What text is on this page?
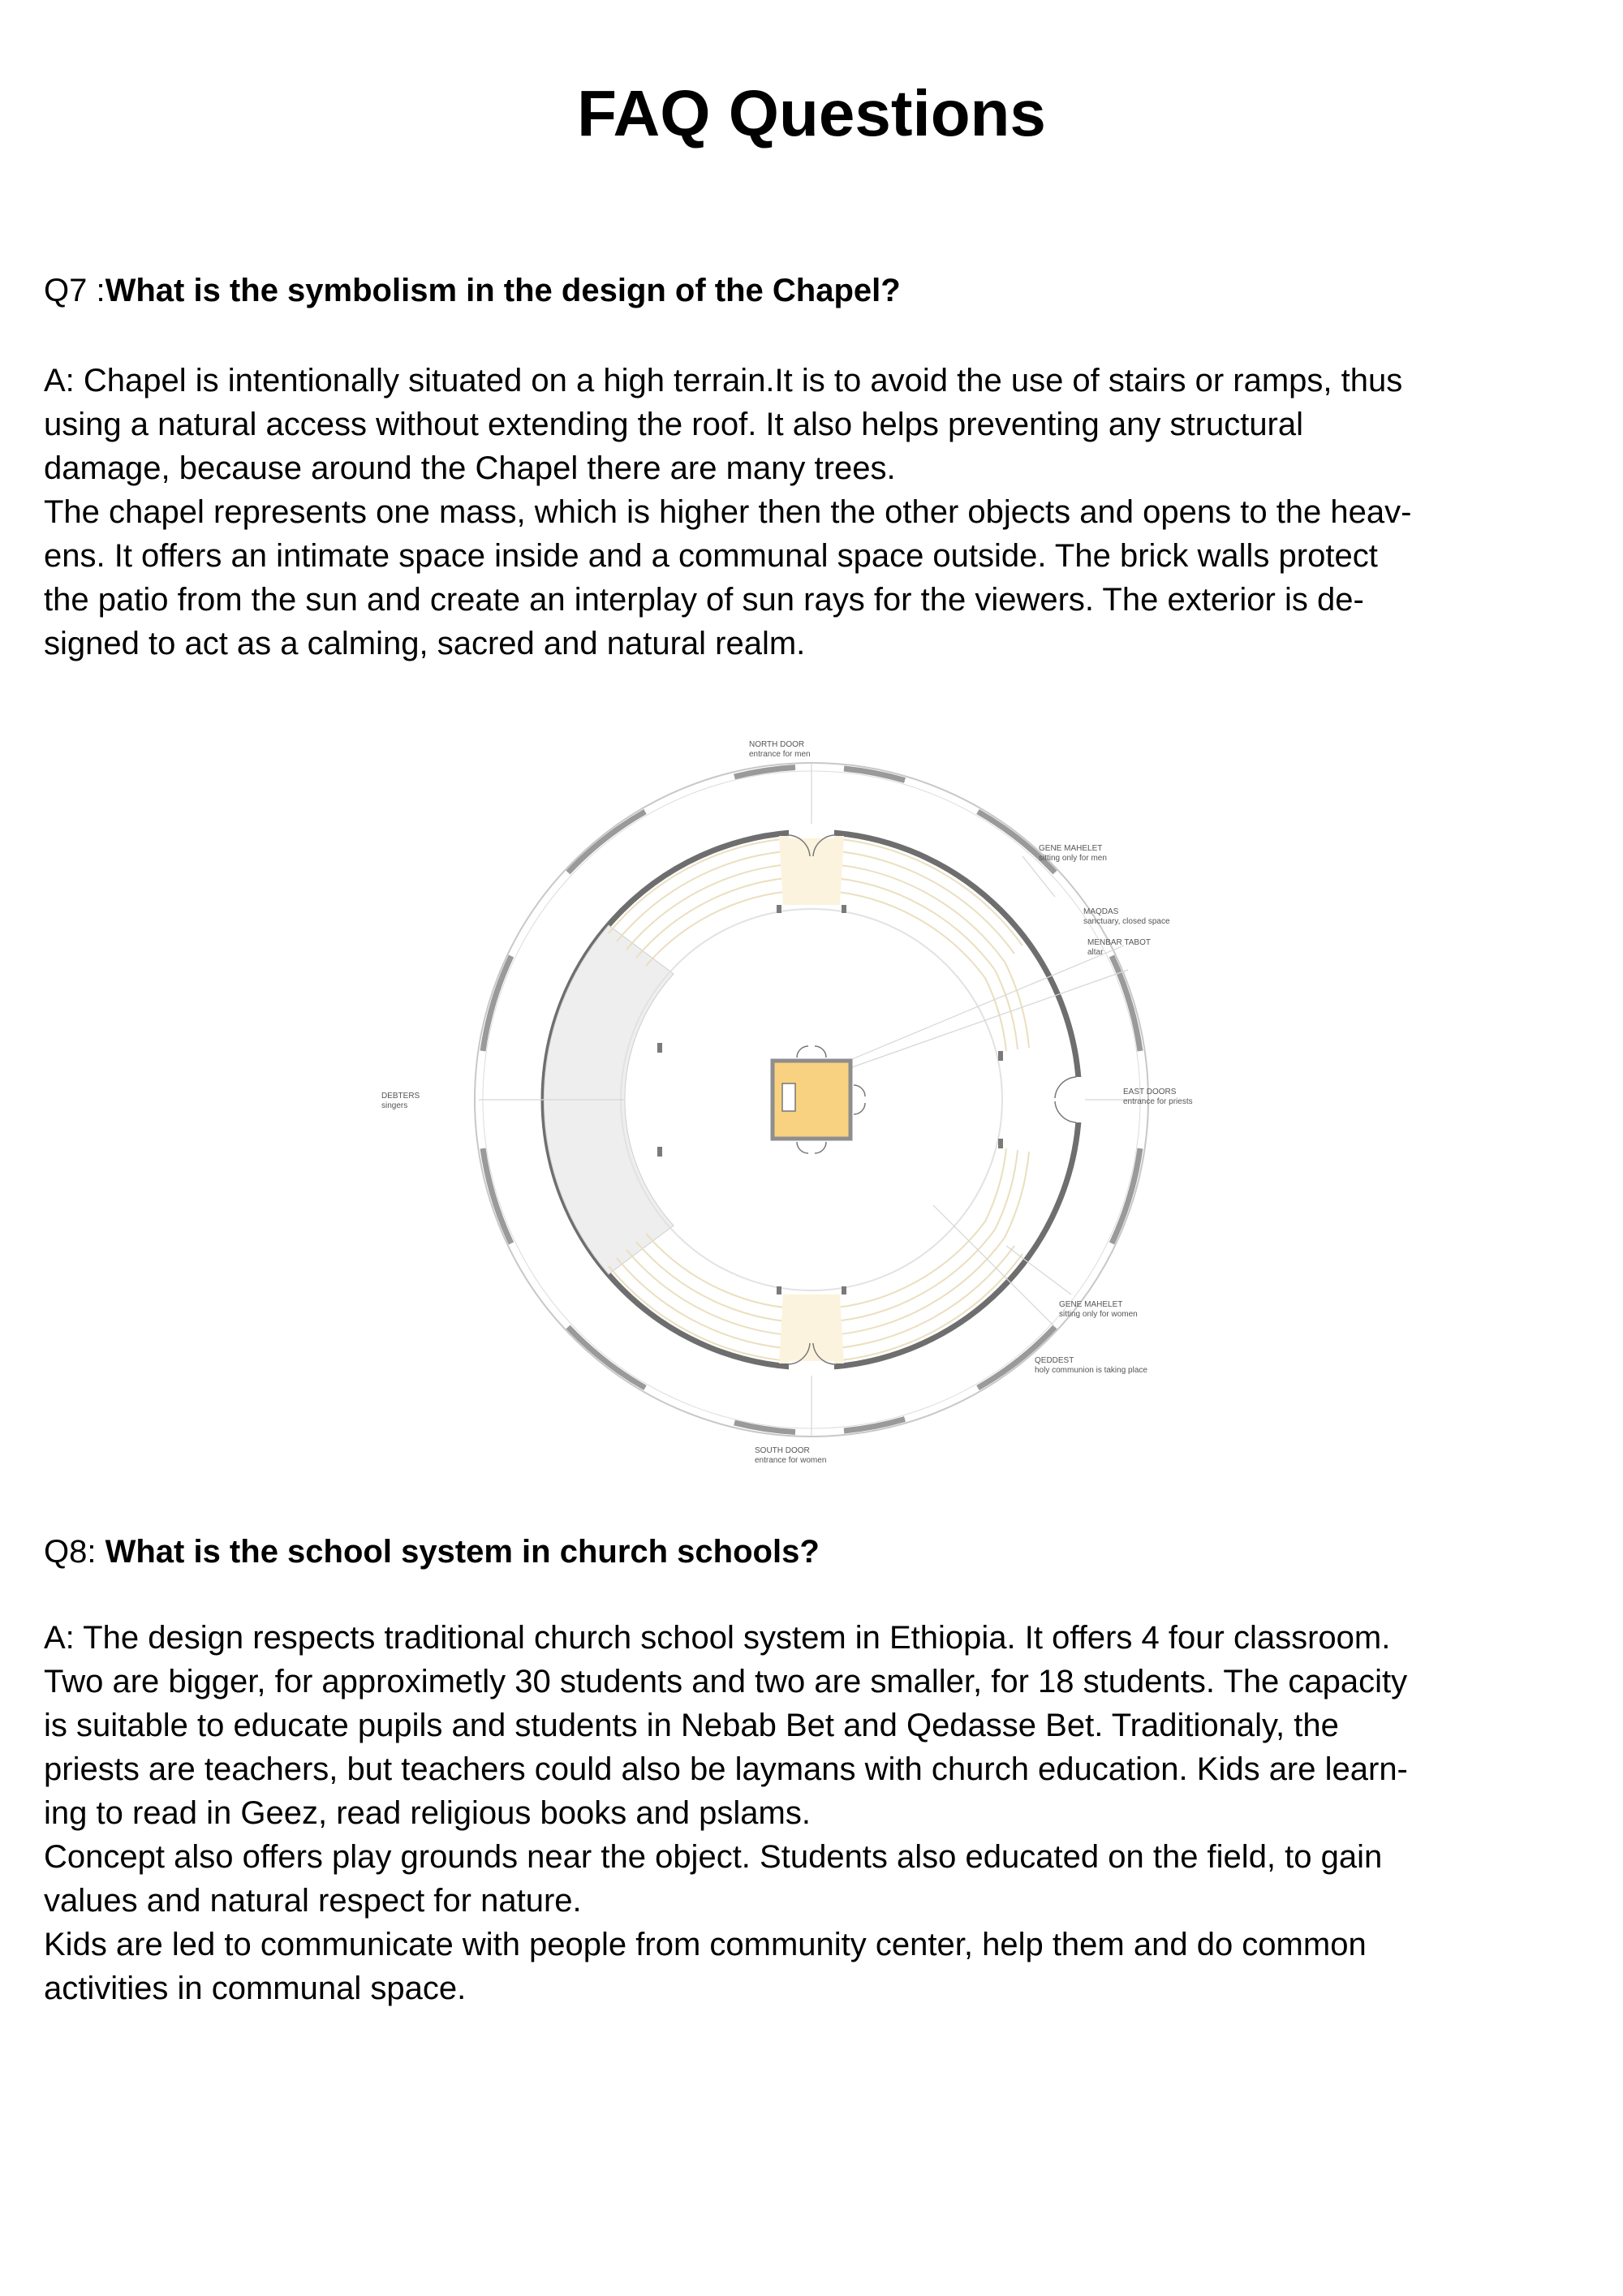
FAQ Questions

Q7 :What is the symbolism in the design of the Chapel?

A: Chapel is intentionally situated on a high terrain.It is to avoid the use of stairs or ramps, thus
using a natural access without extending the roof. It also helps preventing any structural
damage, because around the Chapel there are many trees.
The chapel represents one mass, which is higher then the other objects and opens to the heav-
ens. It offers an intimate space inside and a communal space outside. The brick walls protect
the patio from the sun and create an interplay of sun rays for the viewers. The exterior is de-
signed to act as a calming, sacred and natural realm.
NORTH DOOR
entrance for men
GENE MAHELET
sitting only for men
MAQDAS
sanctuary, closed space
MENBAR TABOT
altar
EAST DOORS
entrance for priests
DEBTERS
singers
GENE MAHELET
sitting only for women
QEDDEST
holy communion is taking place
SOUTH DOOR
entrance for women

Q8: What is the school system in church schools?

A: The design respects traditional church school system in Ethiopia. It offers 4 four classroom.
Two are bigger, for approximetly 30 students and two are smaller, for 18 students. The capacity
is suitable to educate pupils and students in Nebab Bet and Qedasse Bet. Traditionaly, the
priests are teachers, but teachers could also be laymans with church education. Kids are learn-
ing to read in Geez, read religious books and pslams.
Concept also offers play grounds near the object. Students also educated on the field, to gain
values and natural respect for nature.
Kids are led to communicate with people from community center, help them and do common
activities in communal space.
